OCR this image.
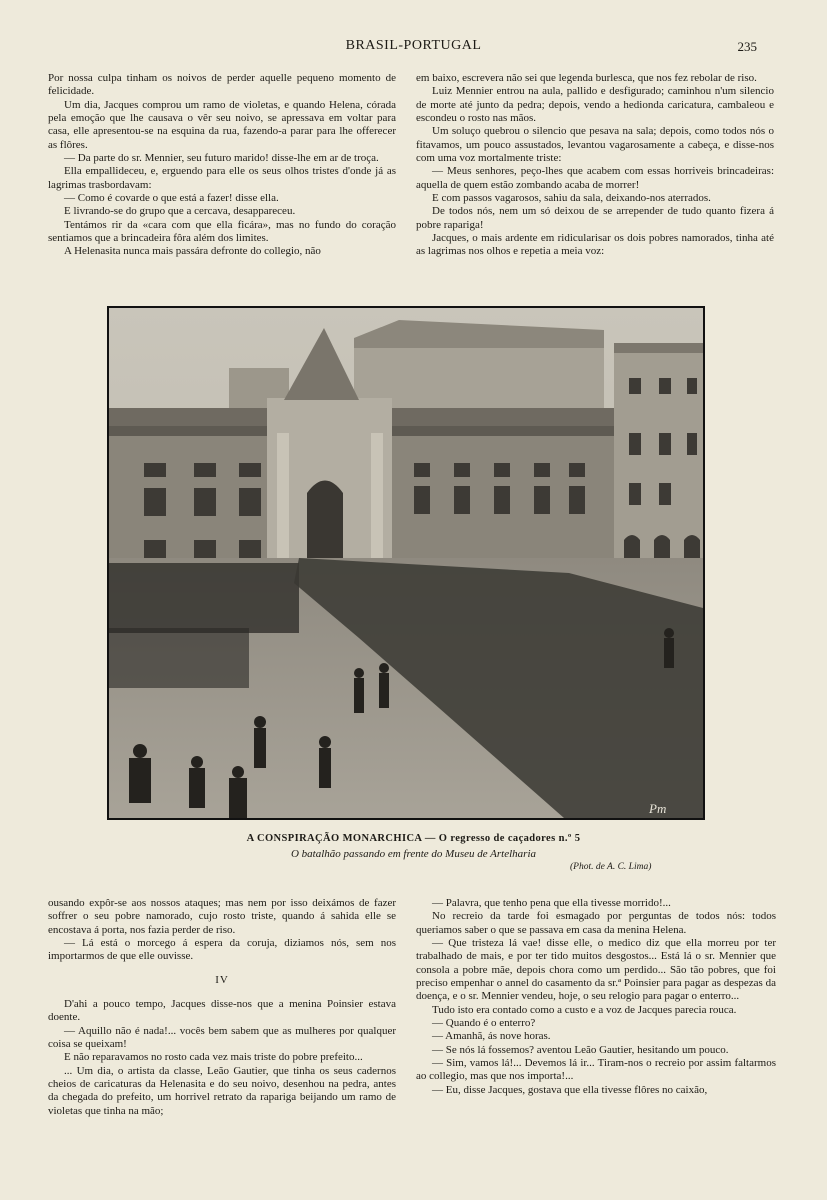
BRASIL-PORTUGAL	235

Por nossa culpa tinham os noivos de perder aquelle pequeno momento de felicidade.

Um dia, Jacques comprou um ramo de violetas, e quando Helena, córada pela emoção que lhe causava o vêr seu noivo, se apressava em voltar para casa, elle apresentou-se na esquina da rua, fazendo-a parar para lhe offerecer as flôres.

— Da parte do sr. Mennier, seu futuro marido! disse-lhe em ar de troça.

Ella empallideceu, e, erguendo para elle os seus olhos tristes d'onde já as lagrimas trasbordavam:

— Como é covarde o que está a fazer! disse ella.

E livrando-se do grupo que a cercava, desappareceu.

Tentámos rir da «cara com que ella ficára», mas no fundo do coração sentiamos que a brincadeira fôra além dos limites.

A Helenasita nunca mais passára defronte do collegio, não

em baixo, escrevera não sei que legenda burlesca, que nos fez rebolar de riso.

Luiz Mennier entrou na aula, pallido e desfigurado; caminhou n'um silencio de morte até junto da pedra; depois, vendo a hedionda caricatura, cambaleou e escondeu o rosto nas mãos.

Um soluço quebrou o silencio que pesava na sala; depois, como todos nós o fitavamos, um pouco assustados, levantou vagarosamente a cabeça, e disse-nos com uma voz mortalmente triste:

— Meus senhores, peço-lhes que acabem com essas horriveis brincadeiras: aquella de quem estão zombando acaba de morrer!

E com passos vagarosos, sahiu da sala, deixando-nos aterrados.

De todos nós, nem um só deixou de se arrepender de tudo quanto fizera á pobre rapariga!

Jacques, o mais ardente em ridicularisar os dois pobres namorados, tinha até as lagrimas nos olhos e repetia a meia voz:

Pm
A CONSPIRAÇÃO MONARCHICA — O regresso de caçadores n.º 5
O batalhão passando em frente do Museu de Artelharia
(Phot. de A. C. Lima)

ousando expôr-se aos nossos ataques; mas nem por isso deixámos de fazer soffrer o seu pobre namorado, cujo rosto triste, quando á sahida elle se encostava á porta, nos fazia perder de riso.

— Lá está o morcego á espera da coruja, diziamos nós, sem nos importarmos de que elle ouvisse.

IV

D'ahi a pouco tempo, Jacques disse-nos que a menina Poinsier estava doente.

— Aquillo não é nada!... vocês bem sabem que as mulheres por qualquer coisa se queixam!

E não reparavamos no rosto cada vez mais triste do pobre prefeito...

... Um dia, o artista da classe, Leão Gautier, que tinha os seus cadernos cheios de caricaturas da Helenasita e do seu noivo, desenhou na pedra, antes da chegada do prefeito, um horrivel retrato da rapariga beijando um ramo de violetas que tinha na mão;

— Palavra, que tenho pena que ella tivesse morrido!...

No recreio da tarde foi esmagado por perguntas de todos nós: todos queriamos saber o que se passava em casa da menina Helena.

— Que tristeza lá vae! disse elle, o medico diz que ella morreu por ter trabalhado de mais, e por ter tido muitos desgostos... Está lá o sr. Mennier que consola a pobre mãe, depois chora como um perdido... São tão pobres, que foi preciso empenhar o annel do casamento da sr.ª Poinsier para pagar as despezas da doença, e o sr. Mennier vendeu, hoje, o seu relogio para pagar o enterro...

Tudo isto era contado como a custo e a voz de Jacques parecia rouca.

— Quando é o enterro?

— Amanhã, ás nove horas.

— Se nós lá fossemos? aventou Leão Gautier, hesitando um pouco.

— Sim, vamos lá!... Devemos lá ir... Tiram-nos o recreio por assim faltarmos ao collegio, mas que nos importa!...

— Eu, disse Jacques, gostava que ella tivesse flôres no caixão,
